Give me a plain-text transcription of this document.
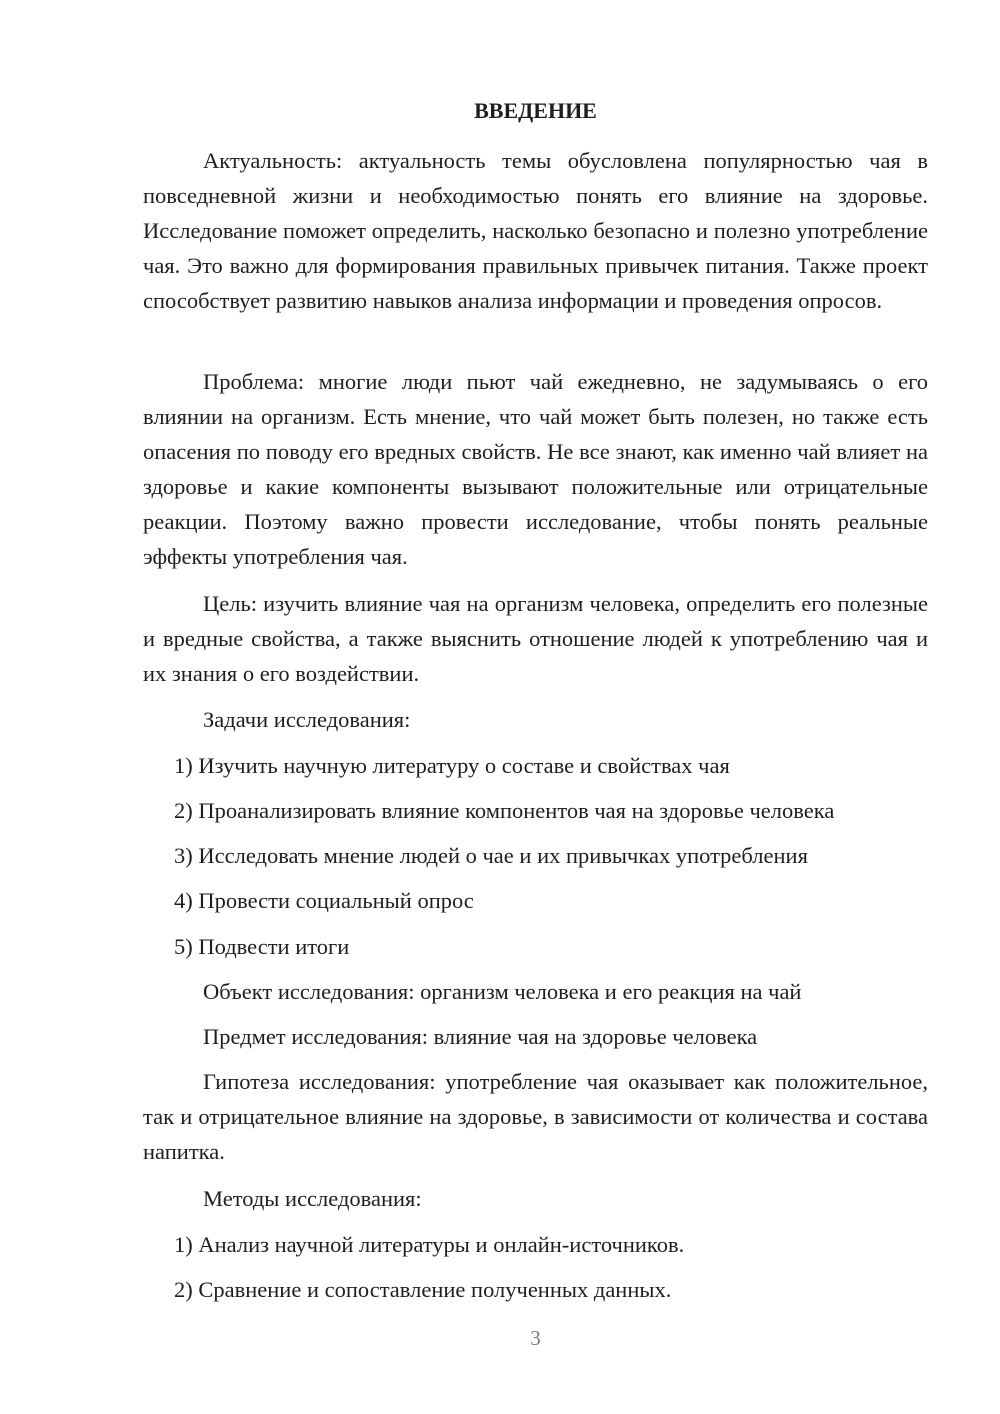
ВВЕДЕНИЕ

Актуальность: актуальность темы обусловлена популярностью чая в повседневной жизни и необходимостью понять его влияние на здоровье. Исследование поможет определить, насколько безопасно и полезно употребление чая. Это важно для формирования правильных привычек питания. Также проект способствует развитию навыков анализа информации и проведения опросов.

Проблема: многие люди пьют чай ежедневно, не задумываясь о его влиянии на организм. Есть мнение, что чай может быть полезен, но также есть опасения по поводу его вредных свойств. Не все знают, как именно чай влияет на здоровье и какие компоненты вызывают положительные или отрицательные реакции. Поэтому важно провести исследование, чтобы понять реальные эффекты употребления чая.

Цель: изучить влияние чая на организм человека, определить его полезные и вредные свойства, а также выяснить отношение людей к употреблению чая и их знания о его воздействии.

Задачи исследования:

1) Изучить научную литературу о составе и свойствах чая

2) Проанализировать влияние компонентов чая на здоровье человека

3) Исследовать мнение людей о чае и их привычках употребления

4) Провести социальный опрос

5) Подвести итоги

Объект исследования: организм человека и его реакция на чай

Предмет исследования: влияние чая на здоровье человека

Гипотеза исследования: употребление чая оказывает как положительное, так и отрицательное влияние на здоровье, в зависимости от количества и состава напитка.

Методы исследования:

1) Анализ научной литературы и онлайн-источников.

2) Сравнение и сопоставление полученных данных.

3
